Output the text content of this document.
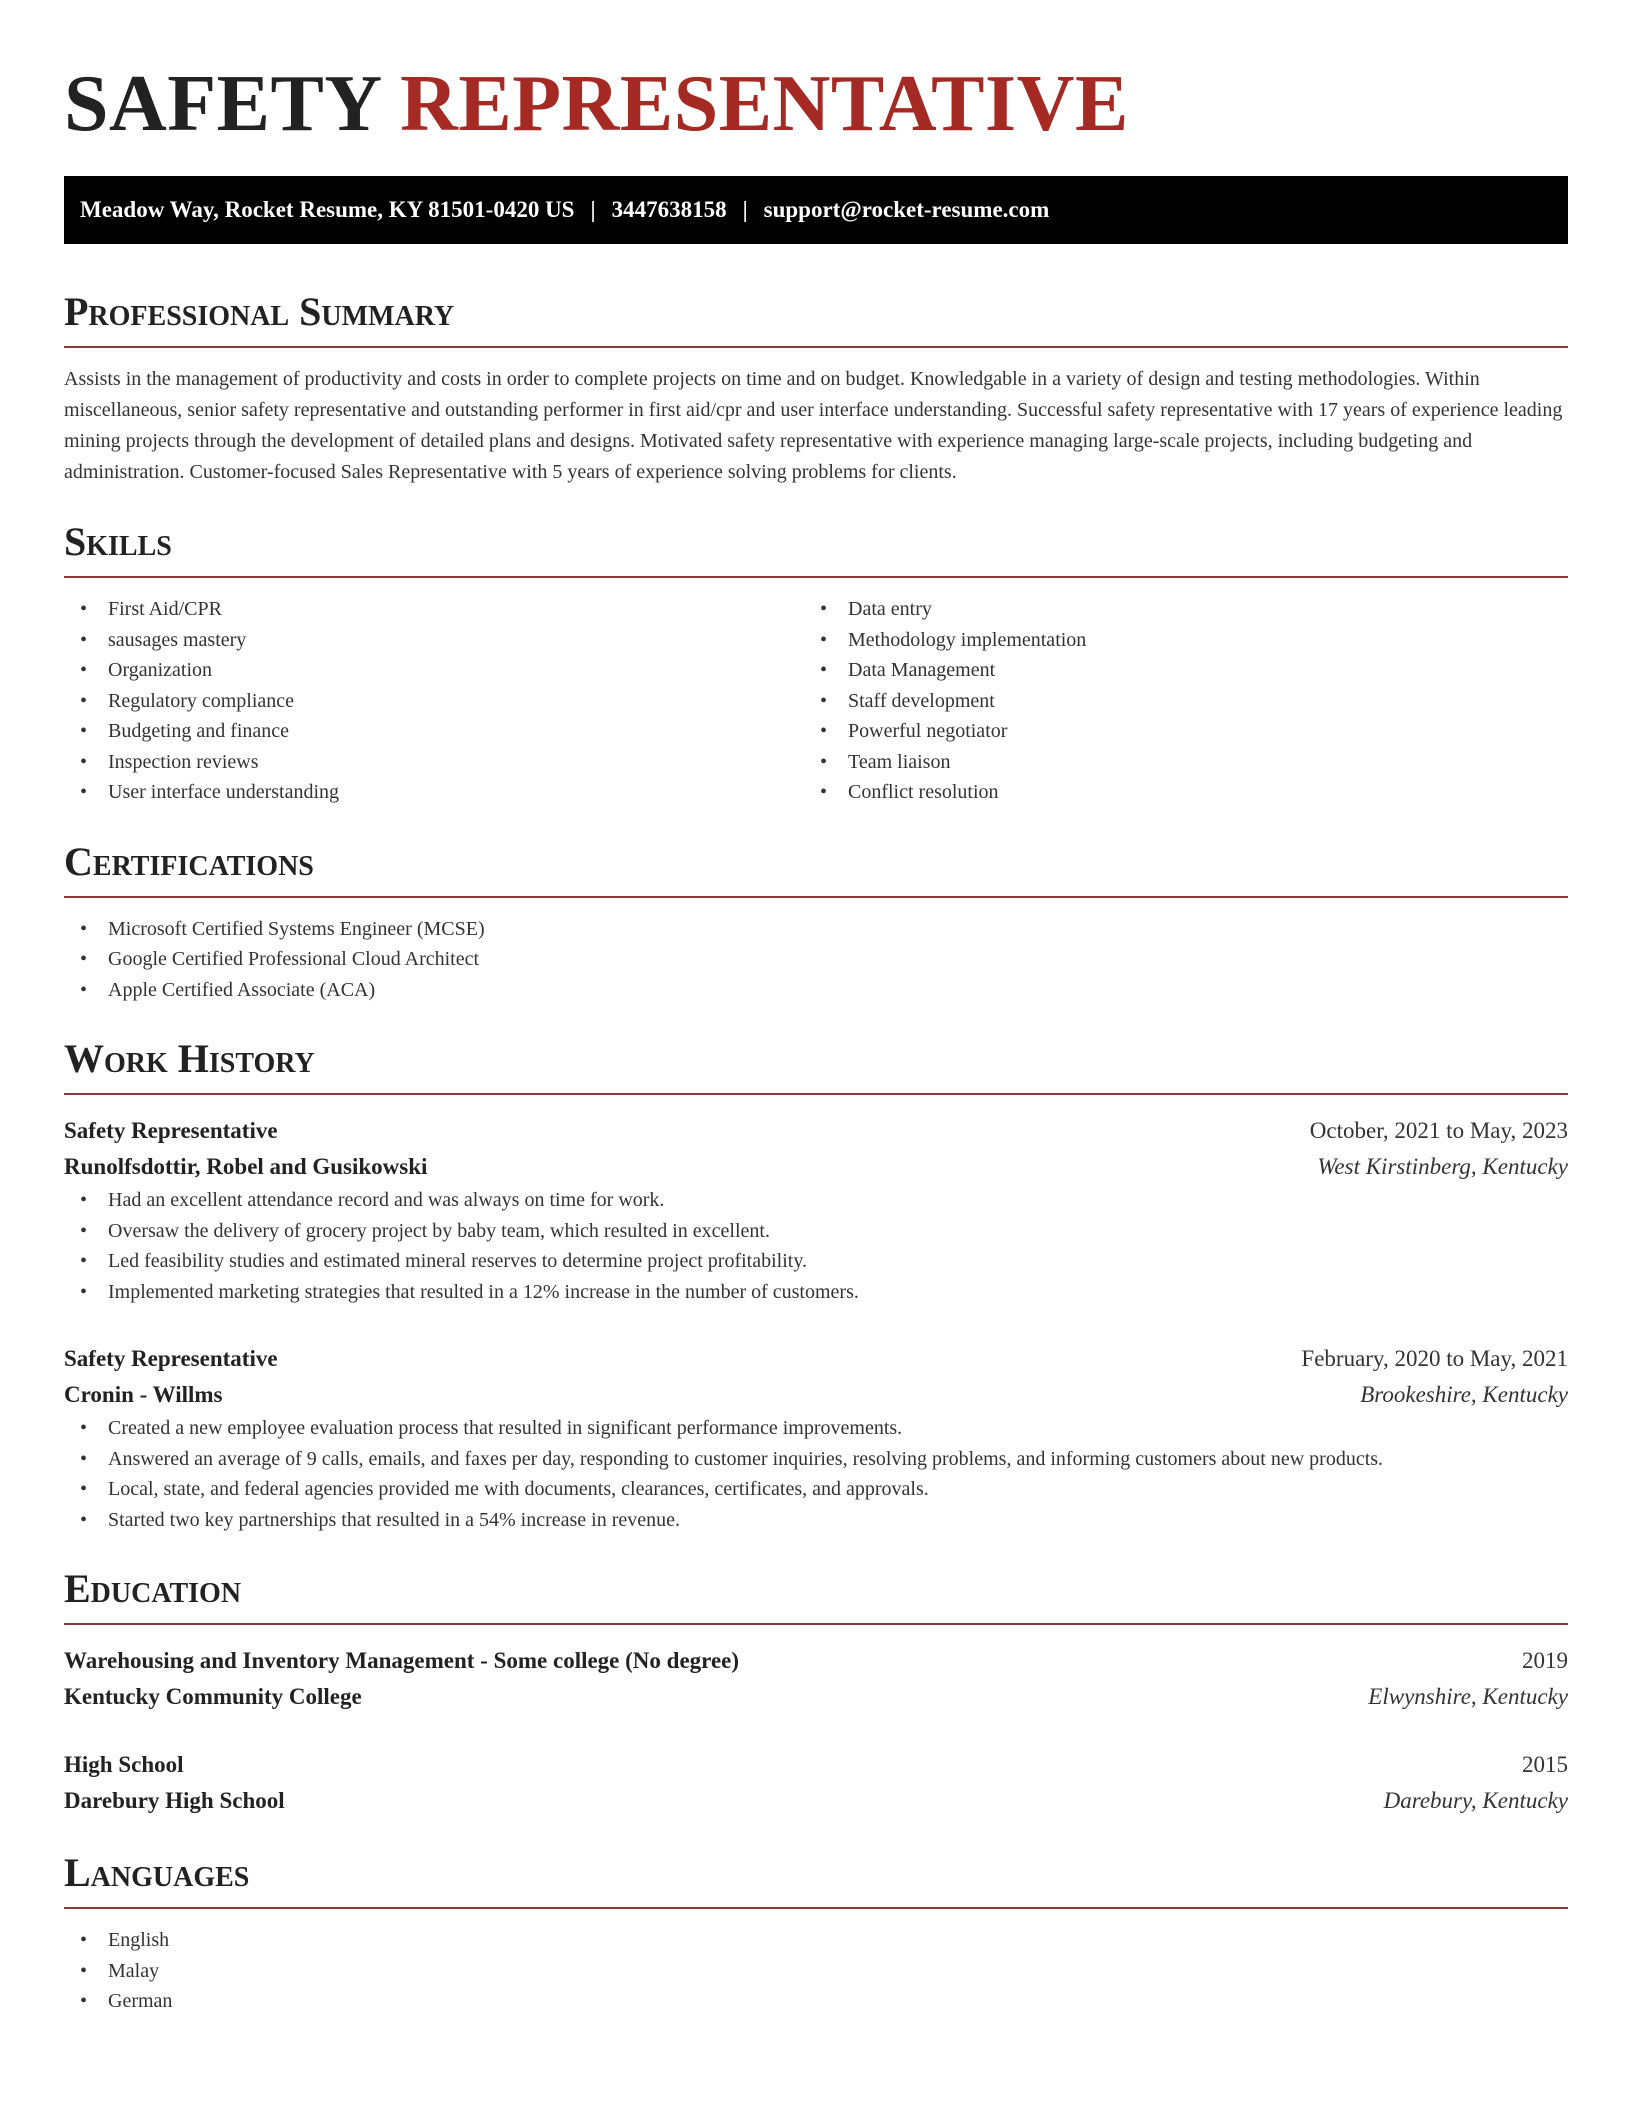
SAFETY REPRESENTATIVE
Meadow Way, Rocket Resume, KY 81501-0420 US | 3447638158 | support@rocket-resume.com
Professional Summary

Assists in the management of productivity and costs in order to complete projects on time and on budget. Knowledgable in a variety of design and testing methodologies. Within miscellaneous, senior safety representative and outstanding performer in first aid/cpr and user interface understanding. Successful safety representative with 17 years of experience leading mining projects through the development of detailed plans and designs. Motivated safety representative with experience managing large-scale projects, including budgeting and administration. Customer-focused Sales Representative with 5 years of experience solving problems for clients.

Skills
• First Aid/CPR
• sausages mastery
• Organization
• Regulatory compliance
• Budgeting and finance
• Inspection reviews
• User interface understanding
• Data entry
• Methodology implementation
• Data Management
• Staff development
• Powerful negotiator
• Team liaison
• Conflict resolution
Certifications
• Microsoft Certified Systems Engineer (MCSE)
• Google Certified Professional Cloud Architect
• Apple Certified Associate (ACA)
Work History
Safety Representative	October, 2021 to May, 2023
Runolfsdottir, Robel and Gusikowski	West Kirstinberg, Kentucky
• Had an excellent attendance record and was always on time for work.
• Oversaw the delivery of grocery project by baby team, which resulted in excellent.
• Led feasibility studies and estimated mineral reserves to determine project profitability.
• Implemented marketing strategies that resulted in a 12% increase in the number of customers.
Safety Representative	February, 2020 to May, 2021
Cronin - Willms	Brookeshire, Kentucky
• Created a new employee evaluation process that resulted in significant performance improvements.
• Answered an average of 9 calls, emails, and faxes per day, responding to customer inquiries, resolving problems, and informing customers about new products.
• Local, state, and federal agencies provided me with documents, clearances, certificates, and approvals.
• Started two key partnerships that resulted in a 54% increase in revenue.
Education
Warehousing and Inventory Management - Some college (No degree)	2019
Kentucky Community College	Elwynshire, Kentucky
High School	2015
Darebury High School	Darebury, Kentucky
Languages
• English
• Malay
• German
